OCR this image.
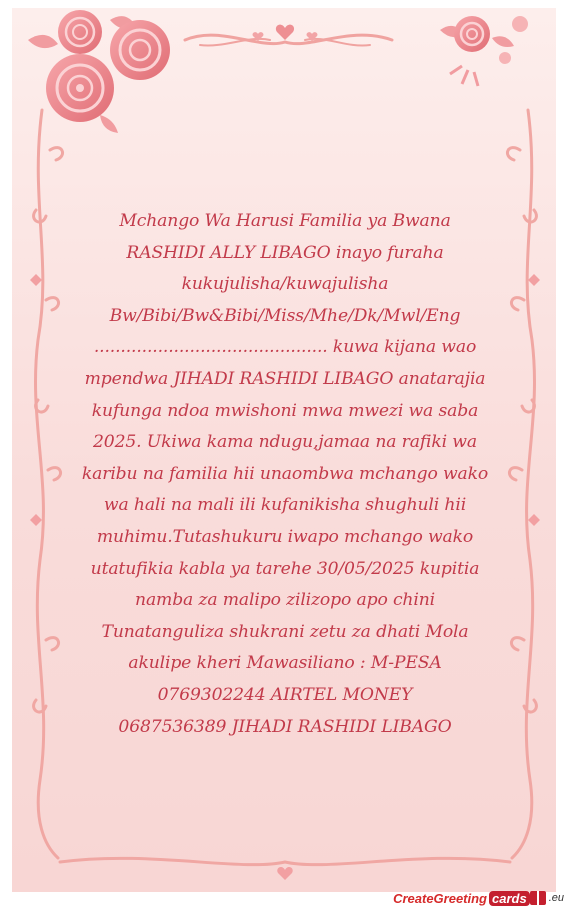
Mchango Wa Harusi Familia ya Bwana
RASHIDI ALLY LIBAGO inayo furaha
kukujulisha/kuwajulisha
Bw/Bibi/Bw&Bibi/Miss/Mhe/Dk/Mwl/Eng
............................................ kuwa kijana wao
mpendwa JIHADI RASHIDI LIBAGO anatarajia
kufunga ndoa mwishoni mwa mwezi wa saba
2025. Ukiwa kama ndugu,jamaa na rafiki wa
karibu na familia hii unaombwa mchango wako
wa hali na mali ili kufanikisha shughuli hii
muhimu.Tutashukuru iwapo mchango wako
utatufikia kabla ya tarehe 30/05/2025 kupitia
namba za malipo zilizopo apo chini
Tunatanguliza shukrani zetu za dhati Mola
akulipe kheri Mawasiliano : M-PESA
0769302244 AIRTEL MONEY
0687536389 JIHADI RASHIDI LIBAGO
CreateGreeting cards .eu
